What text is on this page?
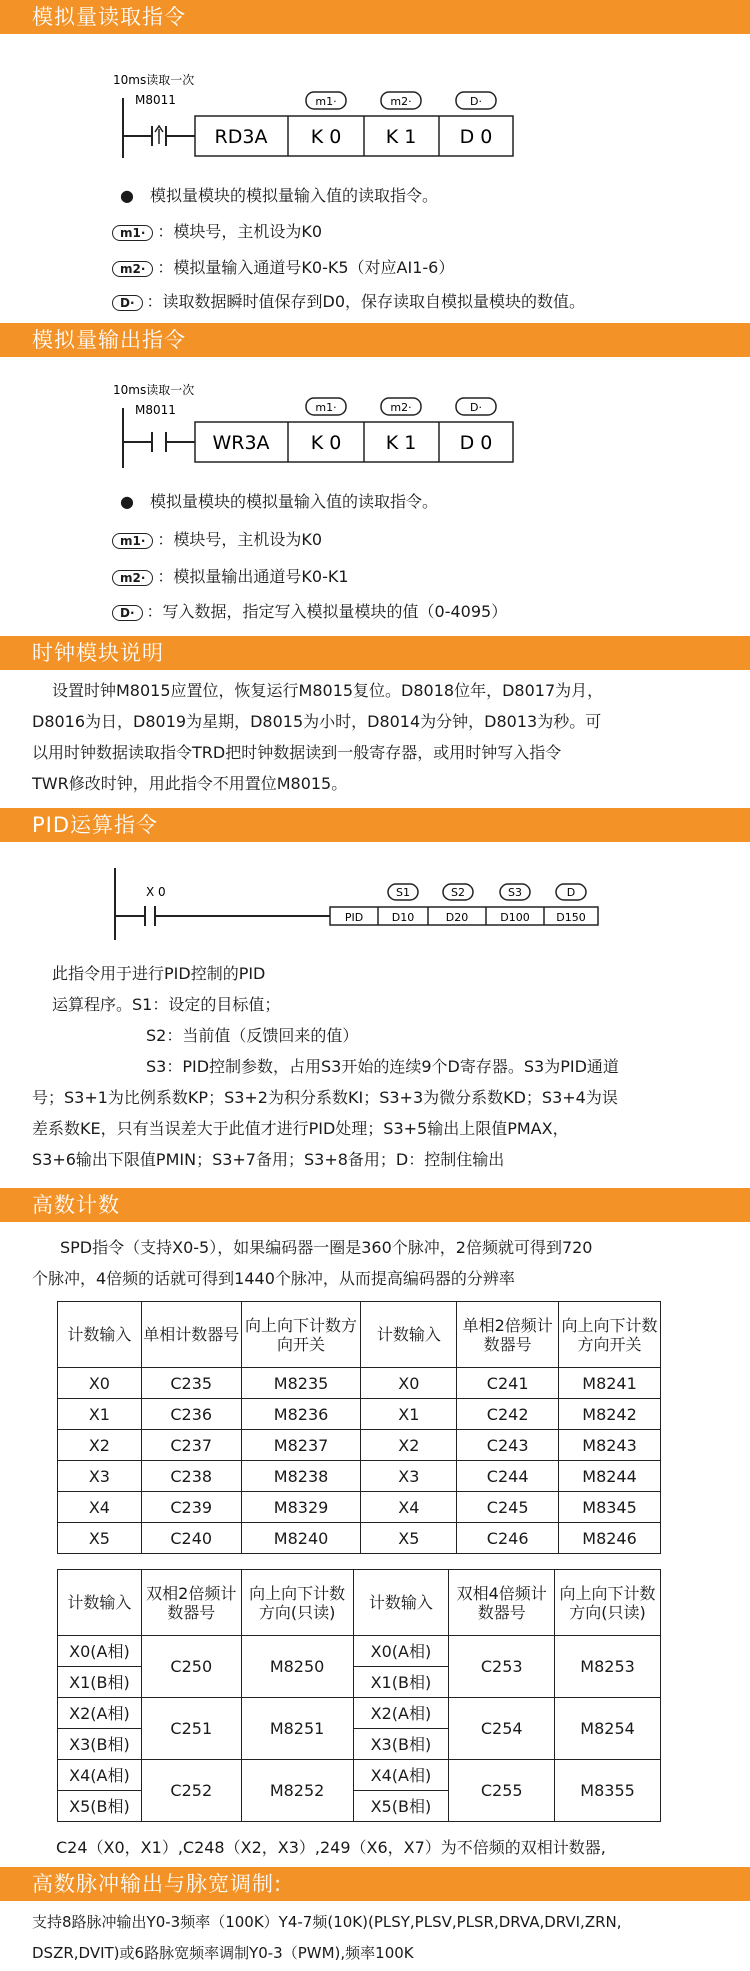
模拟量读取指令
10ms读取一次
M8011
RD3A K 0 K 1 D 0
m1·	m2·	D·
● 模拟量模块的模拟量输入值的读取指令。
m1· ：模块号，主机设为K0
m2· ：模拟量输入通道号K0-K5（对应AI1-6）
D· ：读取数据瞬时值保存到D0，保存读取自模拟量模块的数值。
模拟量输出指令
10ms读取一次
M8011
WR3A K 0 K 1 D 0
m1·	m2·	D·
● 模拟量模块的模拟量输入值的读取指令。
m1· ：模块号，主机设为K0
m2· ：模拟量输出通道号K0-K1
D· ：写入数据，指定写入模拟量模块的值（0-4095）
时钟模块说明
设置时钟M8015应置位，恢复运行M8015复位。D8018位年，D8017为月，
D8016为日，D8019为星期，D8015为小时，D8014为分钟，D8013为秒。可
以用时钟数据读取指令TRD把时钟数据读到一般寄存器，或用时钟写入指令
TWR修改时钟，用此指令不用置位M8015。
PID运算指令
X 0
PID	D10	D20	D100 D150
S1	S2	S3	D
此指令用于进行PID控制的PID
运算程序。S1：设定的目标值；
S2：当前值（反馈回来的值）
S3：PID控制参数，占用S3开始的连续9个D寄存器。S3为PID通道
号；S3+1为比例系数KP；S3+2为积分系数KI；S3+3为微分系数KD；S3+4为误
差系数KE，只有当误差大于此值才进行PID处理；S3+5输出上限值PMAX，
S3+6输出下限值PMIN；S3+7备用；S3+8备用；D：控制住输出
高数计数
SPD指令（支持X0-5），如果编码器一圈是360个脉冲，2倍频就可得到720
个脉冲，4倍频的话就可得到1440个脉冲，从而提高编码器的分辨率
计数输入	单相计数器号	向上向下计数方向开关	计数输入	单相2倍频计数器号	向上向下计数方向开关
X0	C235	M8235	X0	C241	M8241
X1	C236	M8236	X1	C242	M8242
X2	C237	M8237	X2	C243	M8243
X3	C238	M8238	X3	C244	M8244
X4	C239	M8329	X4	C245	M8345
X5	C240	M8240	X5	C246	M8246
计数输入	双相2倍频计数器号	向上向下计数方向(只读)	计数输入	双相4倍频计数器号	向上向下计数方向(只读)
X0(A相)	C250	M8250	X0(A相)	C253	M8253
X1(B相)			X1(B相)		
X2(A相)	C251	M8251	X2(A相)	C254	M8254
X3(B相)			X3(B相)		
X4(A相)	C252	M8252	X4(A相)	C255	M8355
X5(B相)			X5(B相)		
C24（X0，X1）,C248（X2，X3）,249（X6，X7）为不倍频的双相计数器,
高数脉冲输出与脉宽调制:
支持8路脉冲输出Y0-3频率（100K）Y4-7频(10K)(PLSY,PLSV,PLSR,DRVA,DRVI,ZRN,
DSZR,DVIT)或6路脉宽频率调制Y0-3（PWM),频率100K
